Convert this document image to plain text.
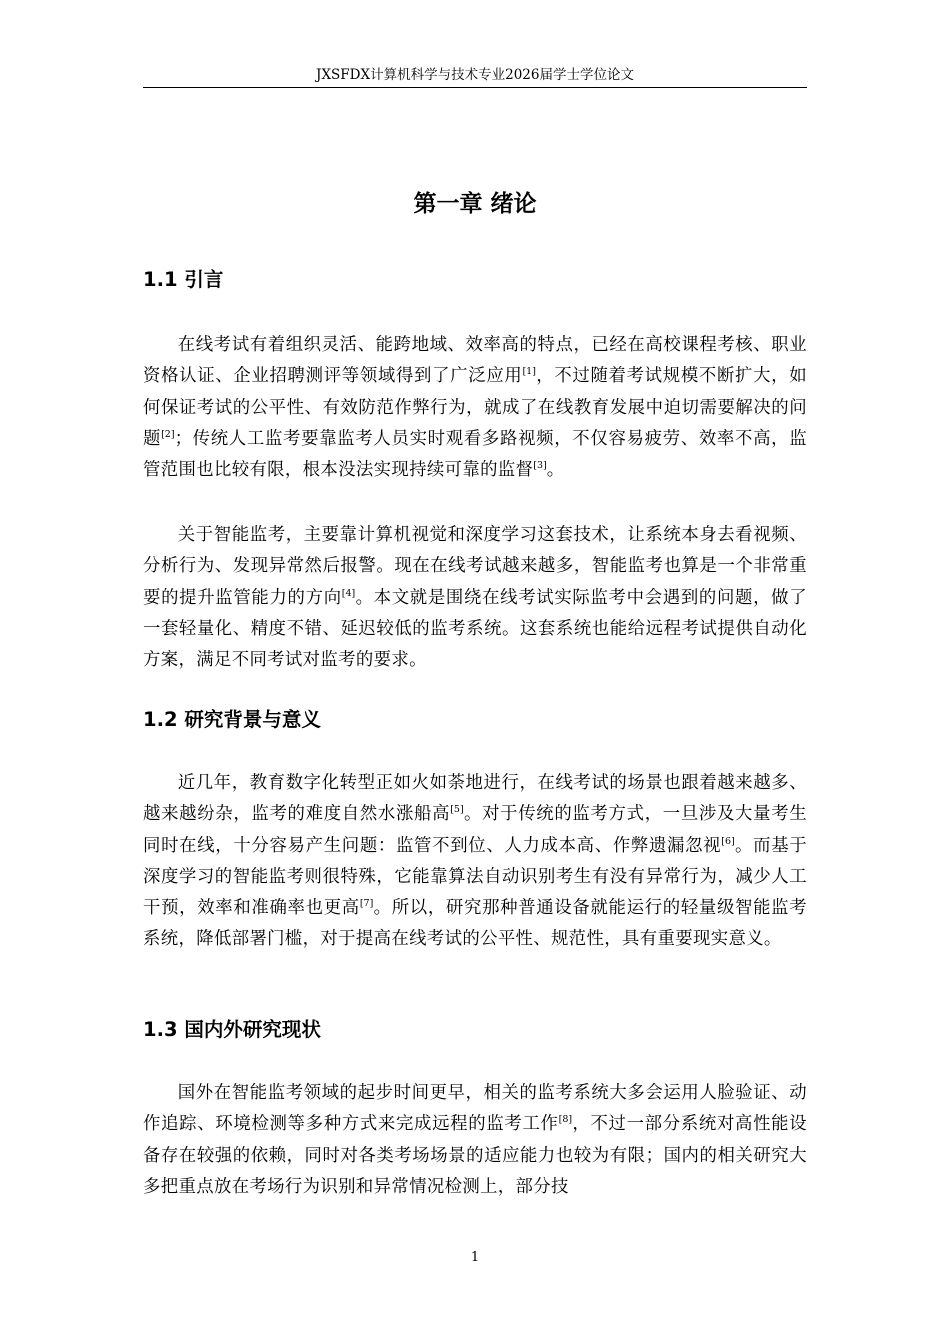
JXSFDX计算机科学与技术专业2026届学士学位论文
第一章 绪论
1.1 引言

在线考试有着组织灵活、能跨地域、效率高的特点，已经在高校课程考核、职业资格认证、企业招聘测评等领域得到了广泛应用[1]，不过随着考试规模不断扩大，如何保证考试的公平性、有效防范作弊行为，就成了在线教育发展中迫切需要解决的问题[2]；传统人工监考要靠监考人员实时观看多路视频，不仅容易疲劳、效率不高，监管范围也比较有限，根本没法实现持续可靠的监督[3]。

关于智能监考，主要靠计算机视觉和深度学习这套技术，让系统本身去看视频、分析行为、发现异常然后报警。现在在线考试越来越多，智能监考也算是一个非常重要的提升监管能力的方向[4]。本文就是围绕在线考试实际监考中会遇到的问题，做了一套轻量化、精度不错、延迟较低的监考系统。这套系统也能给远程考试提供自动化方案，满足不同考试对监考的要求。

1.2 研究背景与意义

近几年，教育数字化转型正如火如荼地进行，在线考试的场景也跟着越来越多、越来越纷杂，监考的难度自然水涨船高[5]。对于传统的监考方式，一旦涉及大量考生同时在线，十分容易产生问题：监管不到位、人力成本高、作弊遗漏忽视[6]。而基于深度学习的智能监考则很特殊，它能靠算法自动识别考生有没有异常行为，减少人工干预，效率和准确率也更高[7]。所以，研究那种普通设备就能运行的轻量级智能监考系统，降低部署门槛，对于提高在线考试的公平性、规范性，具有重要现实意义。

1.3 国内外研究现状

国外在智能监考领域的起步时间更早，相关的监考系统大多会运用人脸验证、动作追踪、环境检测等多种方式来完成远程的监考工作[8]，不过一部分系统对高性能设备存在较强的依赖，同时对各类考场场景的适应能力也较为有限；国内的相关研究大多把重点放在考场行为识别和异常情况检测上，部分技

1
